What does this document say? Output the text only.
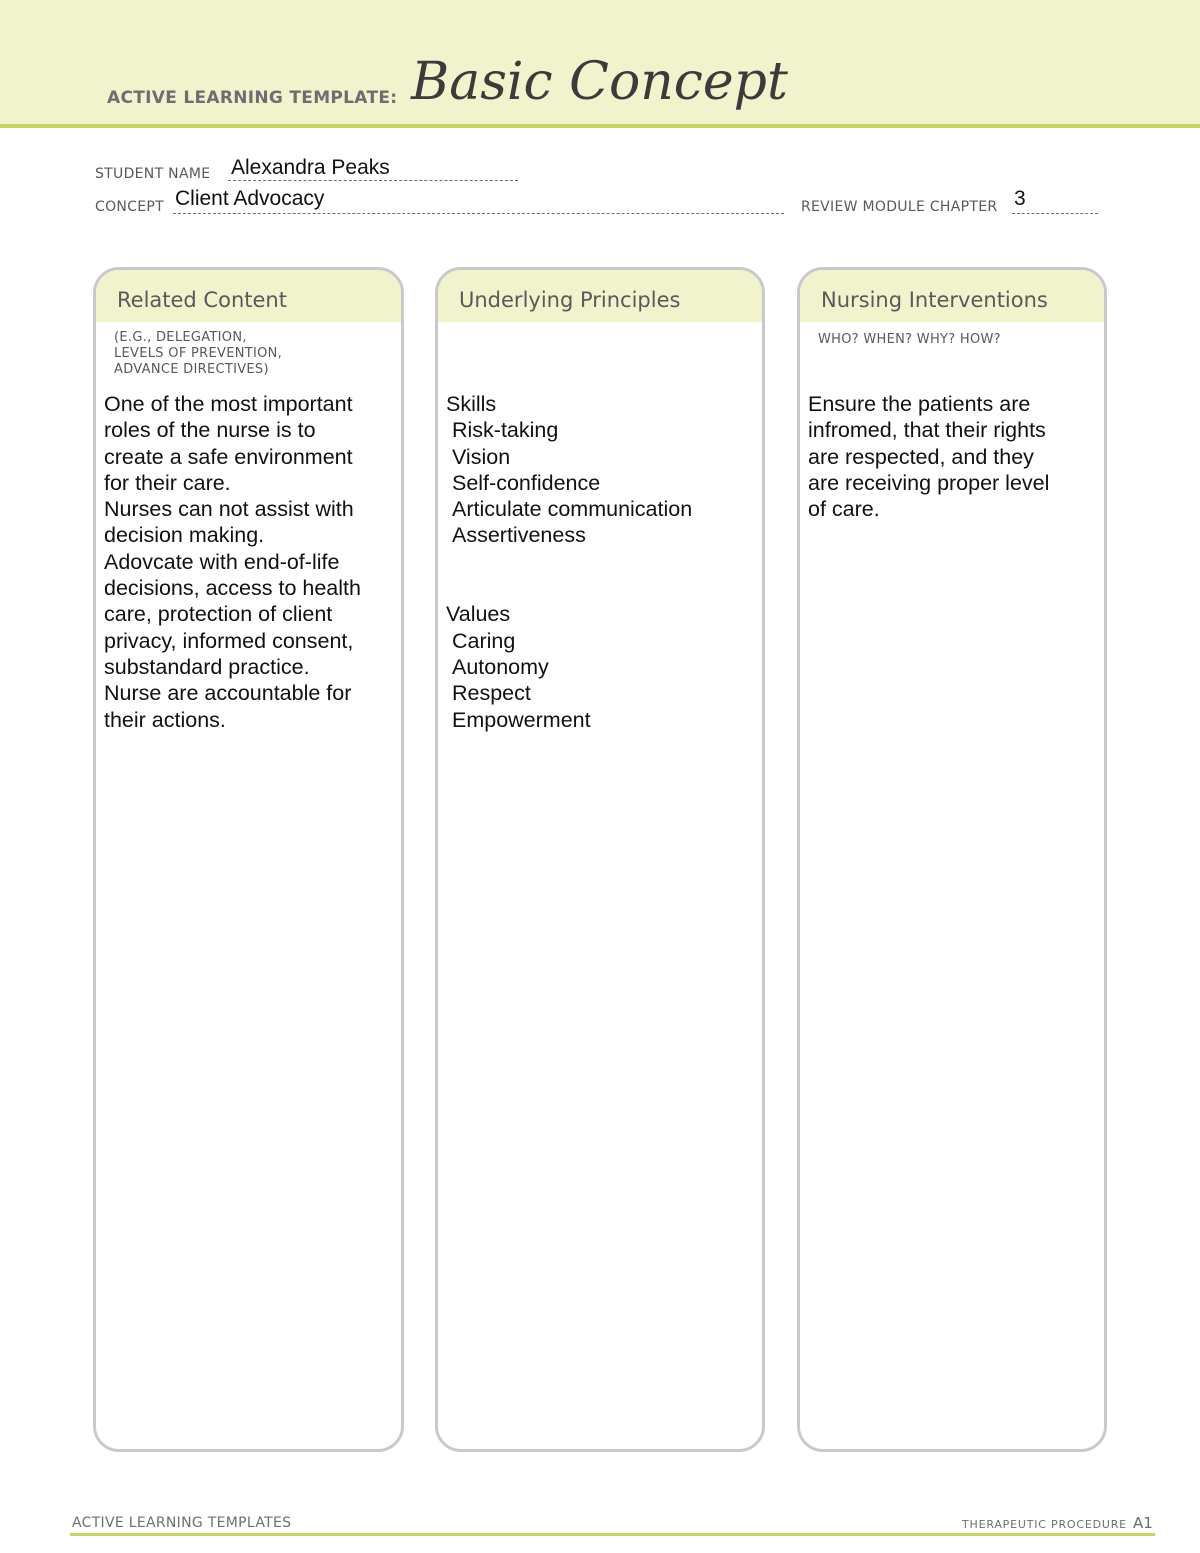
ACTIVE LEARNING TEMPLATE: Basic Concept
STUDENT NAME Alexandra Peaks
CONCEPT Client Advocacy	REVIEW MODULE CHAPTER 3
Related Content
(E.G., DELEGATION,
LEVELS OF PREVENTION,
ADVANCE DIRECTIVES)
One of the most important
roles of the nurse is to
create a safe environment
for their care.
Nurses can not assist with
decision making.
Adovcate with end-of-life
decisions, access to health
care, protection of client
privacy, informed consent,
substandard practice.
Nurse are accountable for
their actions.
Underlying Principles
Skills
Risk-taking
Vision
Self-confidence
Articulate communication
Assertiveness

Values
Caring
Autonomy
Respect
Empowerment
Nursing Interventions
WHO? WHEN? WHY? HOW?
Ensure the patients are
infromed, that their rights
are respected, and they
are receiving proper level
of care.
ACTIVE LEARNING TEMPLATES	THERAPEUTIC PROCEDURE A1
